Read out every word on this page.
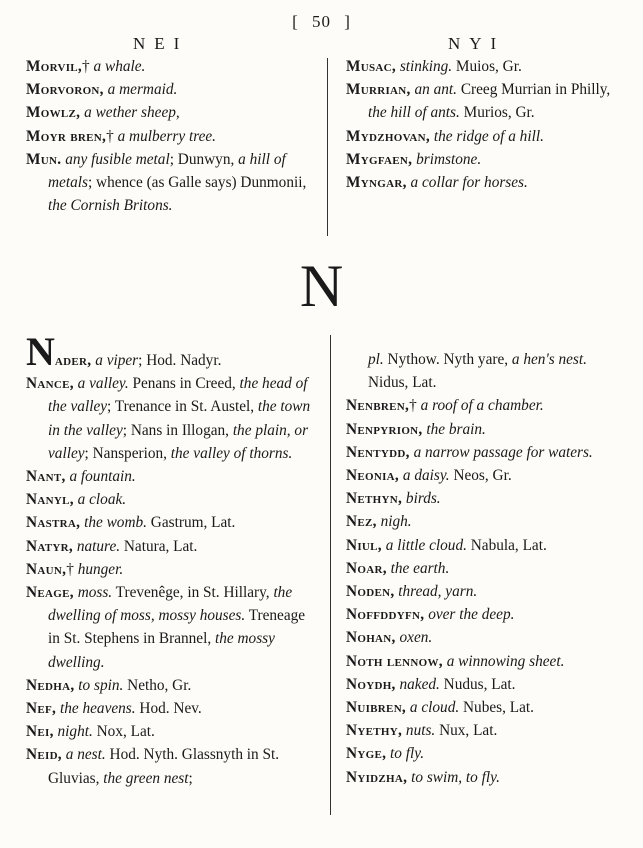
[ 50 ]
NEI	NYI

Morvil,† a whale.

Morvoron, a mermaid.

Mowlz, a wether sheep,

Moyr bren,† a mulberry tree.

Mun. any fusible metal; Dunwyn, a hill of metals; whence (as Galle says) Dunmonii, the Cornish Britons.

Musac, stinking. Muios, Gr.

Murrian, an ant. Creeg Murrian in Philly, the hill of ants. Murios, Gr.

Mydzhovan, the ridge of a hill.

Mygfaen, brimstone.

Myngar, a collar for horses.

N

Nader, a viper; Hod. Nadyr.

Nance, a valley. Penans in Creed, the head of the valley; Trenance in St. Austel, the town in the valley; Nans in Illogan, the plain, or valley; Nansperion, the valley of thorns.

Nant, a fountain.

Nanyl, a cloak.

Nastra, the womb. Gastrum, Lat.

Natyr, nature. Natura, Lat.

Naun,† hunger.

Neage, moss. Trevenêge, in St. Hillary, the dwelling of moss, mossy houses. Treneage in St. Stephens in Brannel, the mossy dwelling.

Nedha, to spin. Netho, Gr.

Nef, the heavens. Hod. Nev.

Nei, night. Nox, Lat.

Neid, a nest. Hod. Nyth. Glassnyth in St. Gluvias, the green nest;

pl. Nythow. Nyth yare, a hen's nest. Nidus, Lat.

Nenbren,† a roof of a chamber.

Nenpyrion, the brain.

Nentydd, a narrow passage for waters.

Neonia, a daisy. Neos, Gr.

Nethyn, birds.

Nez, nigh.

Niul, a little cloud. Nabula, Lat.

Noar, the earth.

Noden, thread, yarn.

Noffddyfn, over the deep.

Nohan, oxen.

Noth lennow, a winnowing sheet.

Noydh, naked. Nudus, Lat.

Nuibren, a cloud. Nubes, Lat.

Nyethy, nuts. Nux, Lat.

Nyge, to fly.

Nyidzha, to swim, to fly.
